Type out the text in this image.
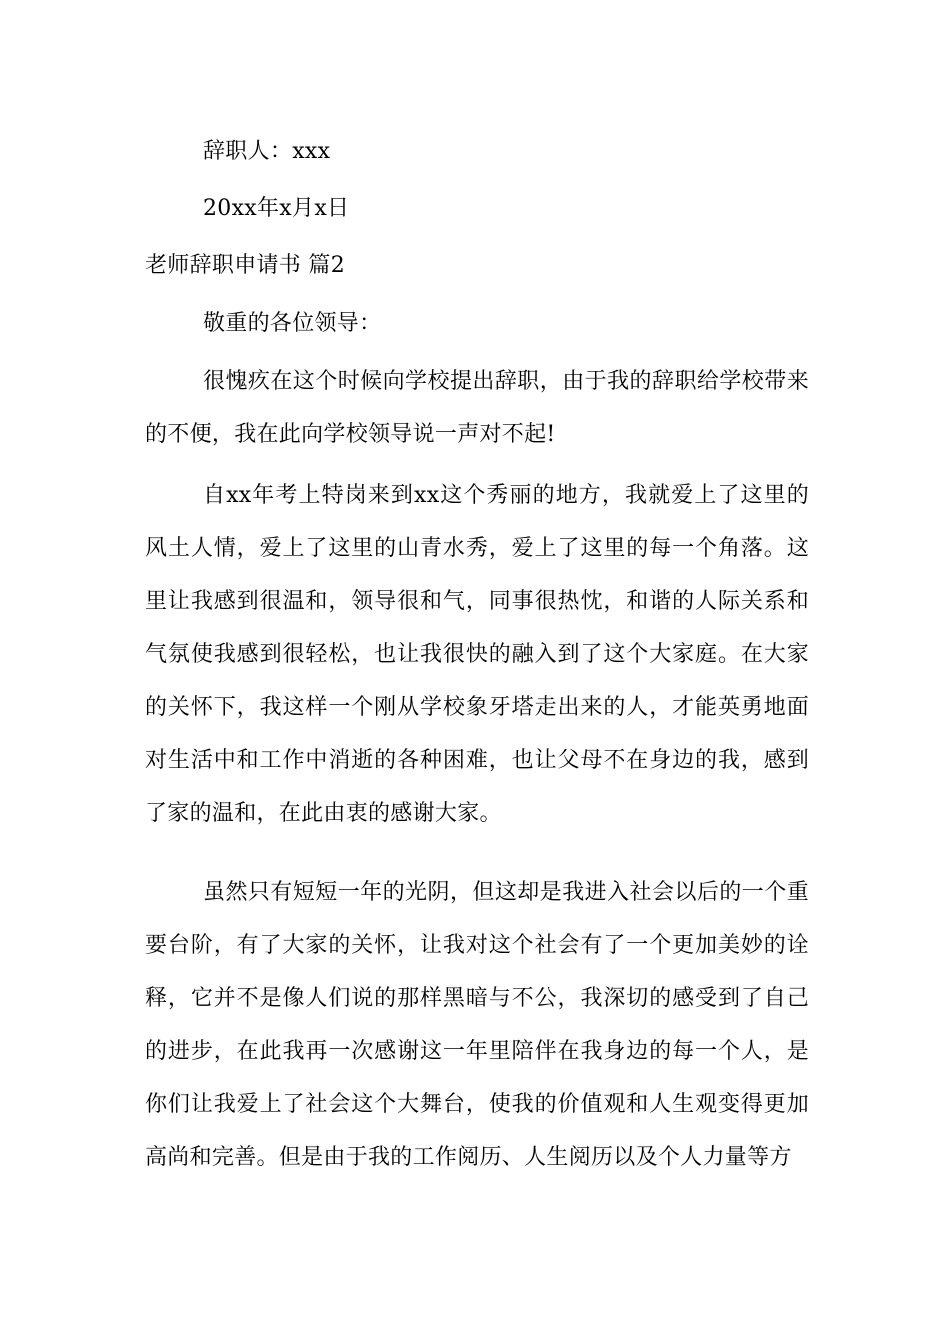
辞职人：xxx
20xx年x月x日
老师辞职申请书 篇2
敬重的各位领导：
很愧疚在这个时候向学校提出辞职，由于我的辞职给学校带来的不便，我在此向学校领导说一声对不起!
自xx年考上特岗来到xx这个秀丽的地方，我就爱上了这里的风土人情，爱上了这里的山青水秀，爱上了这里的每一个角落。这里让我感到很温和，领导很和气，同事很热忱，和谐的人际关系和气氛使我感到很轻松，也让我很快的融入到了这个大家庭。在大家的关怀下，我这样一个刚从学校象牙塔走出来的人，才能英勇地面对生活中和工作中消逝的各种困难，也让父母不在身边的我，感到了家的温和，在此由衷的感谢大家。
虽然只有短短一年的光阴，但这却是我进入社会以后的一个重要台阶，有了大家的关怀，让我对这个社会有了一个更加美妙的诠释，它并不是像人们说的那样黑暗与不公，我深切的感受到了自己的进步，在此我再一次感谢这一年里陪伴在我身边的每一个人，是你们让我爱上了社会这个大舞台，使我的价值观和人生观变得更加高尚和完善。但是由于我的工作阅历、人生阅历以及个人力量等方
